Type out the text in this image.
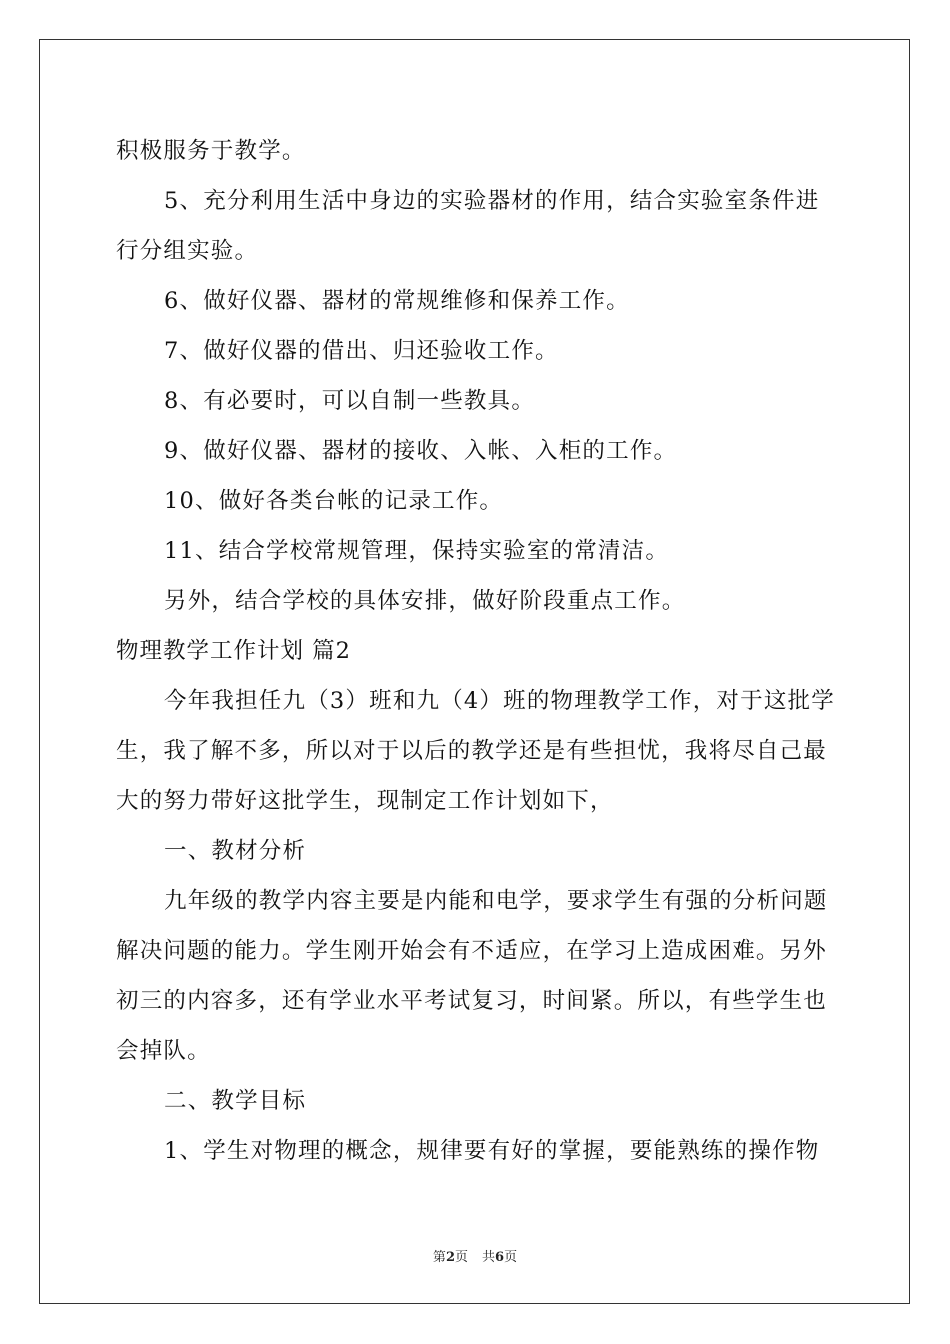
积极服务于教学。
5、充分利用生活中身边的实验器材的作用，结合实验室条件进
行分组实验。
6、做好仪器、器材的常规维修和保养工作。
7、做好仪器的借出、归还验收工作。
8、有必要时，可以自制一些教具。
9、做好仪器、器材的接收、入帐、入柜的工作。
10、做好各类台帐的记录工作。
11、结合学校常规管理，保持实验室的常清洁。
另外，结合学校的具体安排，做好阶段重点工作。
物理教学工作计划 篇2
今年我担任九（3）班和九（4）班的物理教学工作，对于这批学
生，我了解不多，所以对于以后的教学还是有些担忧，我将尽自己最
大的努力带好这批学生，现制定工作计划如下，
一、教材分析
九年级的教学内容主要是内能和电学，要求学生有强的分析问题
解决问题的能力。学生刚开始会有不适应，在学习上造成困难。另外
初三的内容多，还有学业水平考试复习，时间紧。所以，有些学生也
会掉队。
二、教学目标
1、学生对物理的概念，规律要有好的掌握，要能熟练的操作物
第2页 共6页
